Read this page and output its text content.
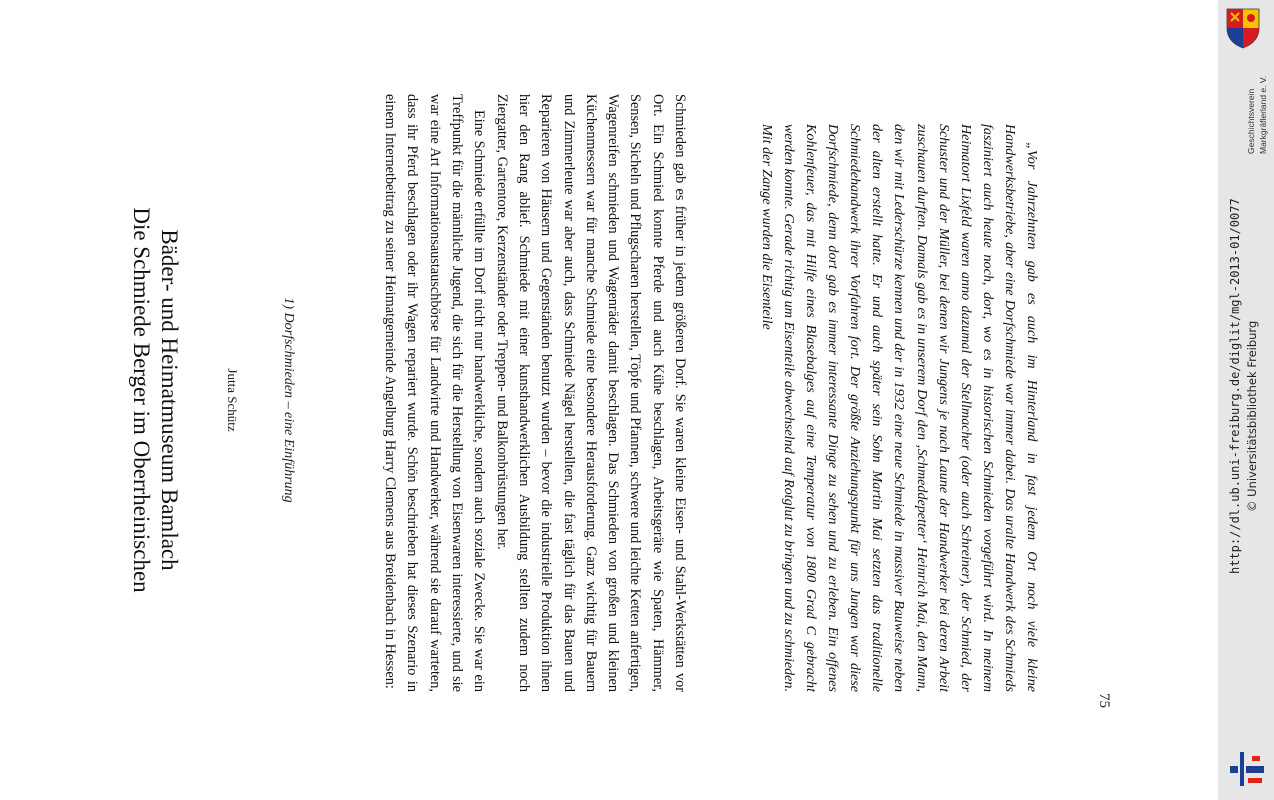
Die Schmiede Berger im Oberrheinischen Bäder- und Heimatmuseum Bamlach	Jutta Schütz	1) Dorfschmieden – eine Einführung	Schmieden gab es früher in jedem größeren Dorf. Sie waren kleine Eisen- und Stahl-Werkstätten vor Ort. Ein Schmied konnte Pferde und auch Kühe beschlagen, Arbeitsgeräte wie Spaten, Hämmer, Sensen, Sicheln und Pflugscharen herstellen, Töpfe und Pfannen, schwere und leichte Ketten anfertigen, Wagenreifen schmieden und Wagenräder damit beschlagen. Das Schmieden von großen und kleinen Küchenmessern war für manche Schmiede eine besondere Herausforderung. Ganz wichtig für Bauern und Zimmerleute war aber auch, dass Schmiede Nägel herstellten, die fast täglich für das Bauen und Reparieren von Häusern und Gegenständen benutzt wurden – bevor die industrielle Produktion ihnen hier den Rang ablief. Schmiede mit einer kunsthandwerklichen Ausbildung stellten zudem noch Ziergatter, Gartentore, Kerzenständer oder Treppen- und Balkonbrüstungen her.

Eine Schmiede erfüllte im Dorf nicht nur handwerkliche, sondern auch soziale Zwecke. Sie war ein Treffpunkt für die männliche Jugend, die sich für die Herstellung von Eisenwaren interessierte, und sie war eine Art Informationsaustauschbörse für Landwirte und Handwerker, während sie darauf warteten, dass ihr Pferd beschlagen oder ihr Wagen repariert wurde. Schön beschrieben hat dieses Szenario in einem Internetbeitrag zu seiner Heimatgemeinde Angelburg Harry Clemens aus Breidenbach in Hessen:	„Vor Jahrzehnten gab es auch im Hinterland in fast jedem Ort noch viele kleine Handwerksbetriebe, aber eine Dorfschmiede war immer dabei. Das uralte Handwerk des Schmieds fasziniert auch heute noch, dort, wo es in historischen Schmieden vorgeführt wird. In meinem Heimatort Lixfeld waren anno dazumal der Stellmacher (oder auch Schreiner), der Schmied, der Schuster und der Müller, bei denen wir Jungens je nach Laune der Handwerker bei deren Arbeit zuschauen durften. Damals gab es in unserem Dorf den ‚Schmeddepetter‘ Heinrich Mai, den Mann, den wir mit Lederschürze kennen und der in 1932 eine neue Schmiede in massiver Bauweise neben der alten erstellt hatte. Er und auch später sein Sohn Martin Mai setzten das traditionelle Schmiedehandwerk ihrer Vorfahren fort. Der größte Anziehungspunkt für uns Jungen war diese Dorfschmiede, denn dort gab es immer interessante Dinge zu sehen und zu erleben. Ein offenes Kohlenfeuer, das mit Hilfe eines Blasebalges auf eine Temperatur von 1800 Grad C gebracht werden konnte. Gerade richtig um Eisenteile abwechselnd auf Rotglut zu bringen und zu schmieden. Mit der Zange wurden die Eisenteile

75
http://dl.ub.uni-freiburg.de/diglit/mgl-2013-01/0077 © Universitätsbibliothek Freiburg
Geschichtsverein Markgräflerland e. V.
